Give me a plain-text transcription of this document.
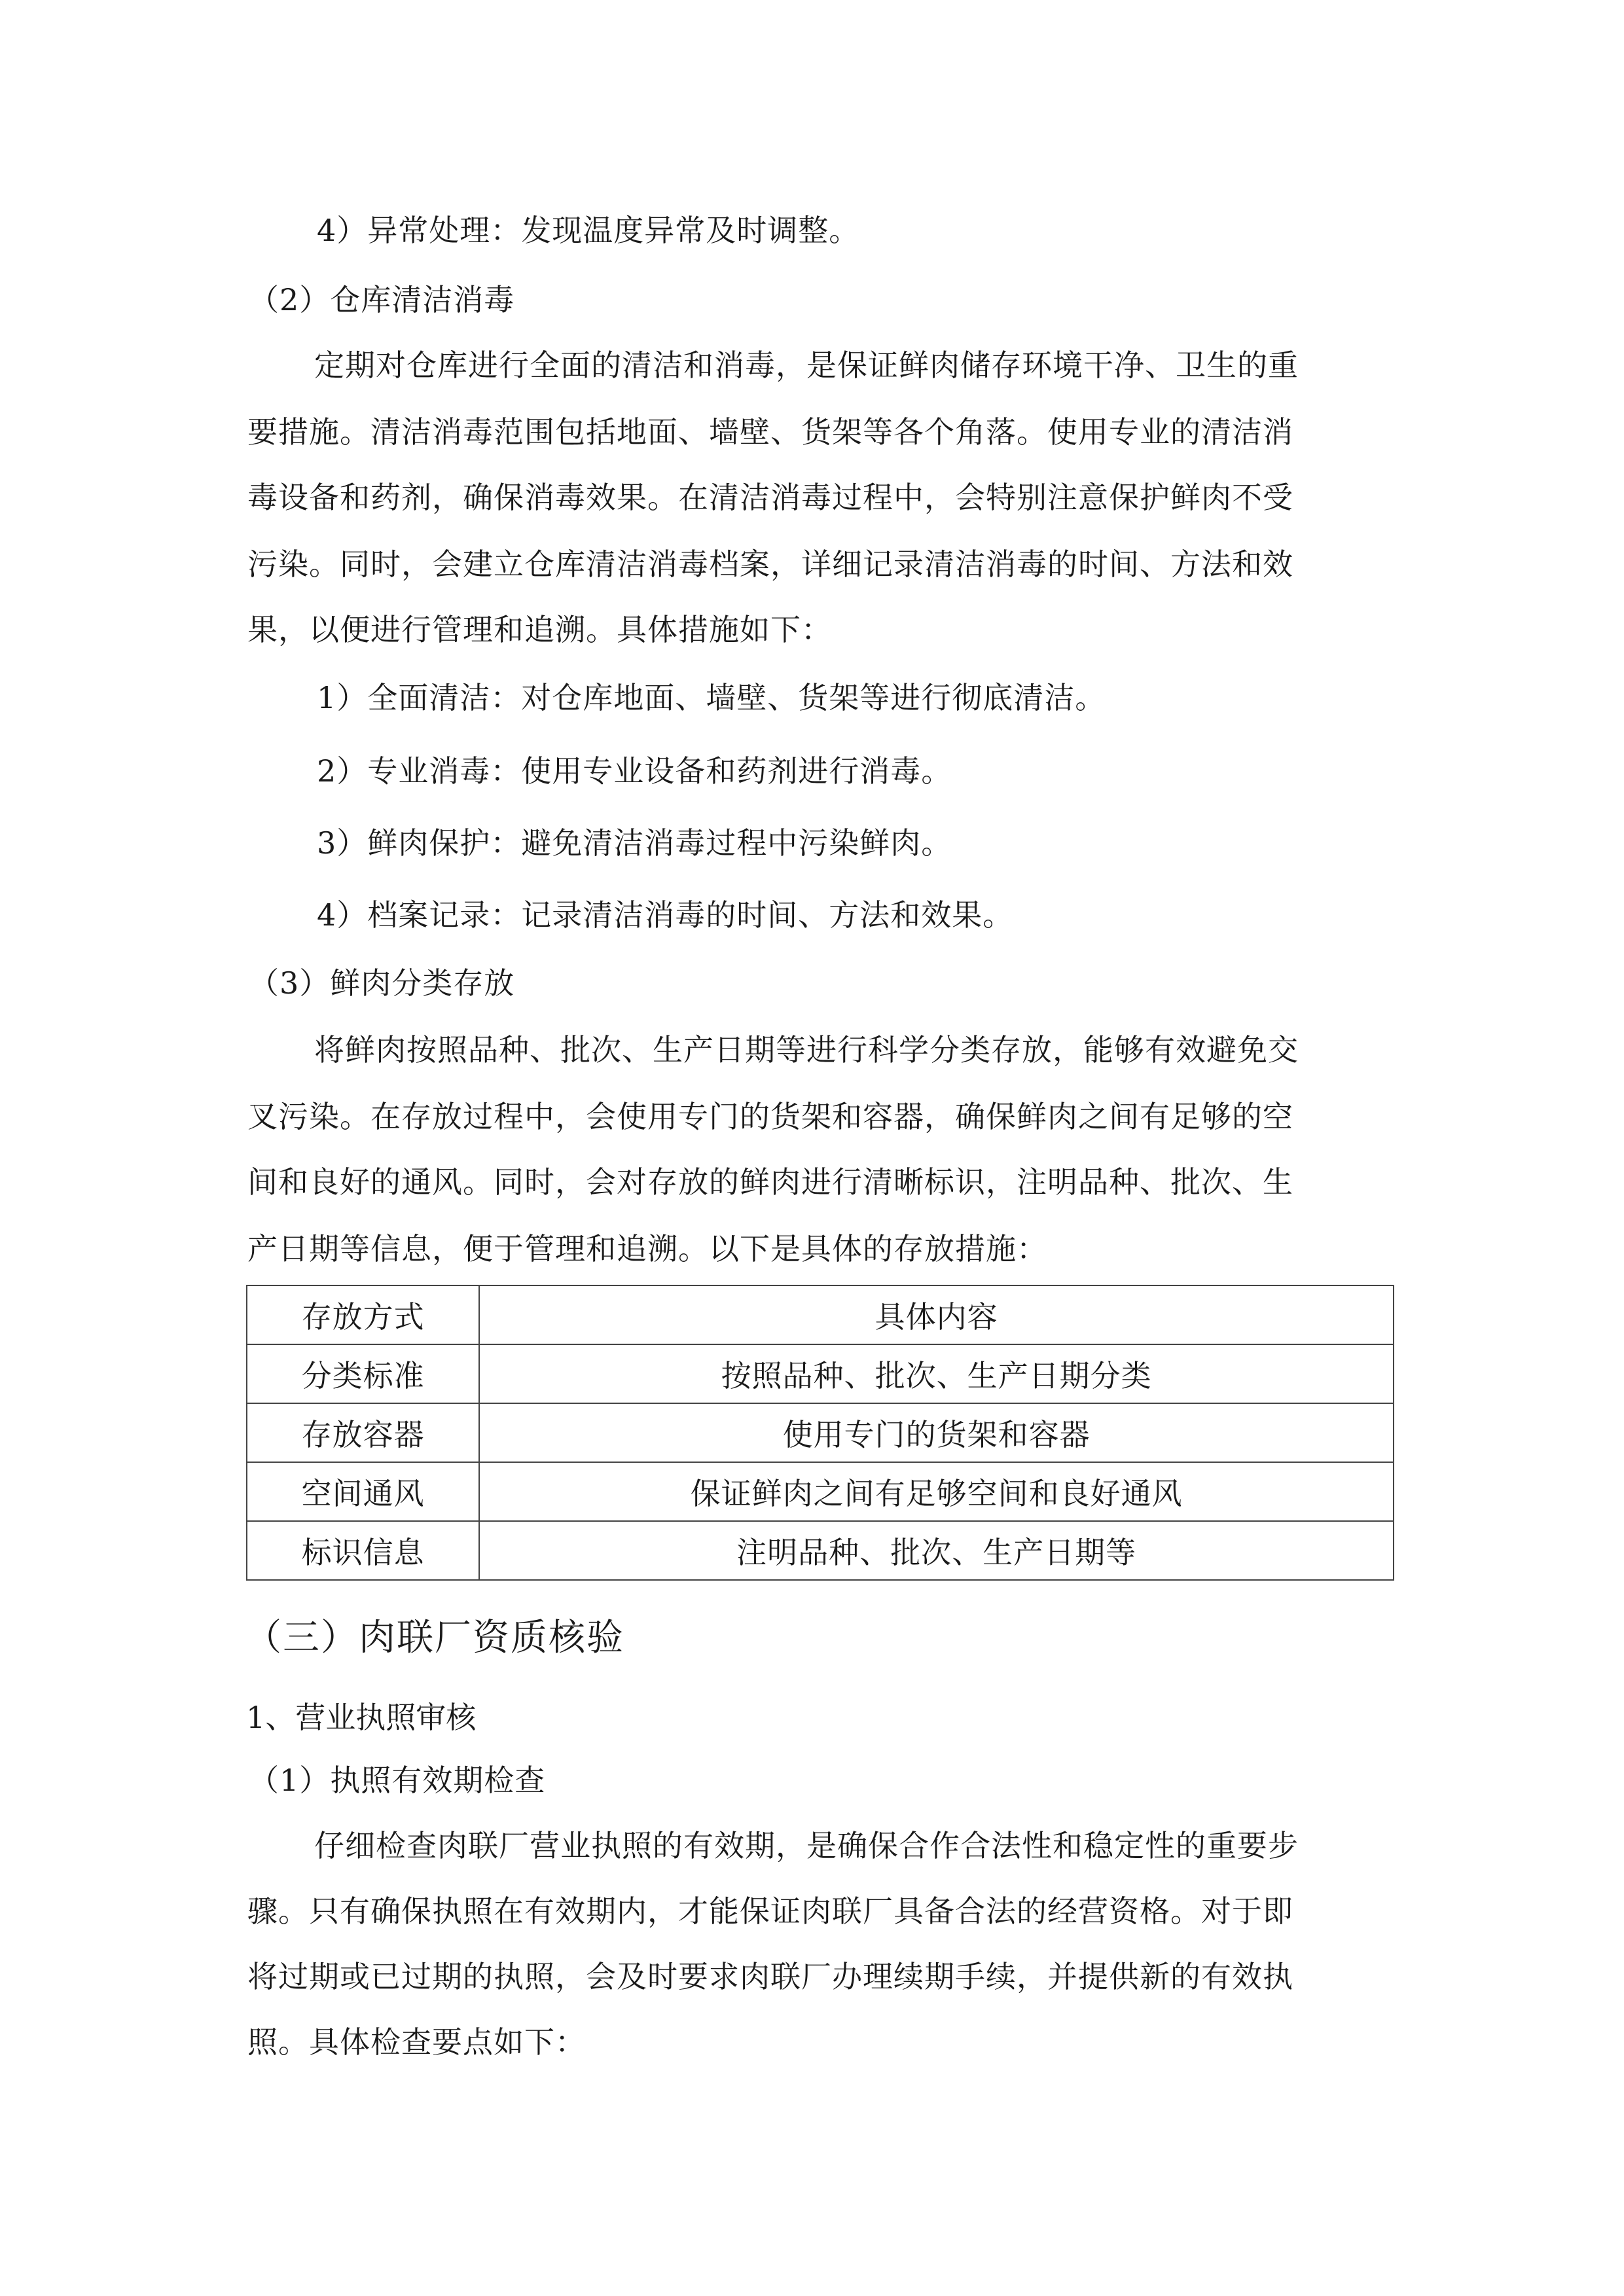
4）异常处理：发现温度异常及时调整。
（2）仓库清洁消毒
定期对仓库进行全面的清洁和消毒，是保证鲜肉储存环境干净、卫生的重
要措施。清洁消毒范围包括地面、墙壁、货架等各个角落。使用专业的清洁消
毒设备和药剂，确保消毒效果。在清洁消毒过程中，会特别注意保护鲜肉不受
污染。同时，会建立仓库清洁消毒档案，详细记录清洁消毒的时间、方法和效
果，以便进行管理和追溯。具体措施如下：
1）全面清洁：对仓库地面、墙壁、货架等进行彻底清洁。
2）专业消毒：使用专业设备和药剂进行消毒。
3）鲜肉保护：避免清洁消毒过程中污染鲜肉。
4）档案记录：记录清洁消毒的时间、方法和效果。
（3）鲜肉分类存放
将鲜肉按照品种、批次、生产日期等进行科学分类存放，能够有效避免交
叉污染。在存放过程中，会使用专门的货架和容器，确保鲜肉之间有足够的空
间和良好的通风。同时，会对存放的鲜肉进行清晰标识，注明品种、批次、生
产日期等信息，便于管理和追溯。以下是具体的存放措施：
存放方式	具体内容
分类标准	按照品种、批次、生产日期分类
存放容器	使用专门的货架和容器
空间通风	保证鲜肉之间有足够空间和良好通风
标识信息	注明品种、批次、生产日期等
（三）肉联厂资质核验
1、营业执照审核
（1）执照有效期检查
仔细检查肉联厂营业执照的有效期，是确保合作合法性和稳定性的重要步
骤。只有确保执照在有效期内，才能保证肉联厂具备合法的经营资格。对于即
将过期或已过期的执照，会及时要求肉联厂办理续期手续，并提供新的有效执
照。具体检查要点如下：
